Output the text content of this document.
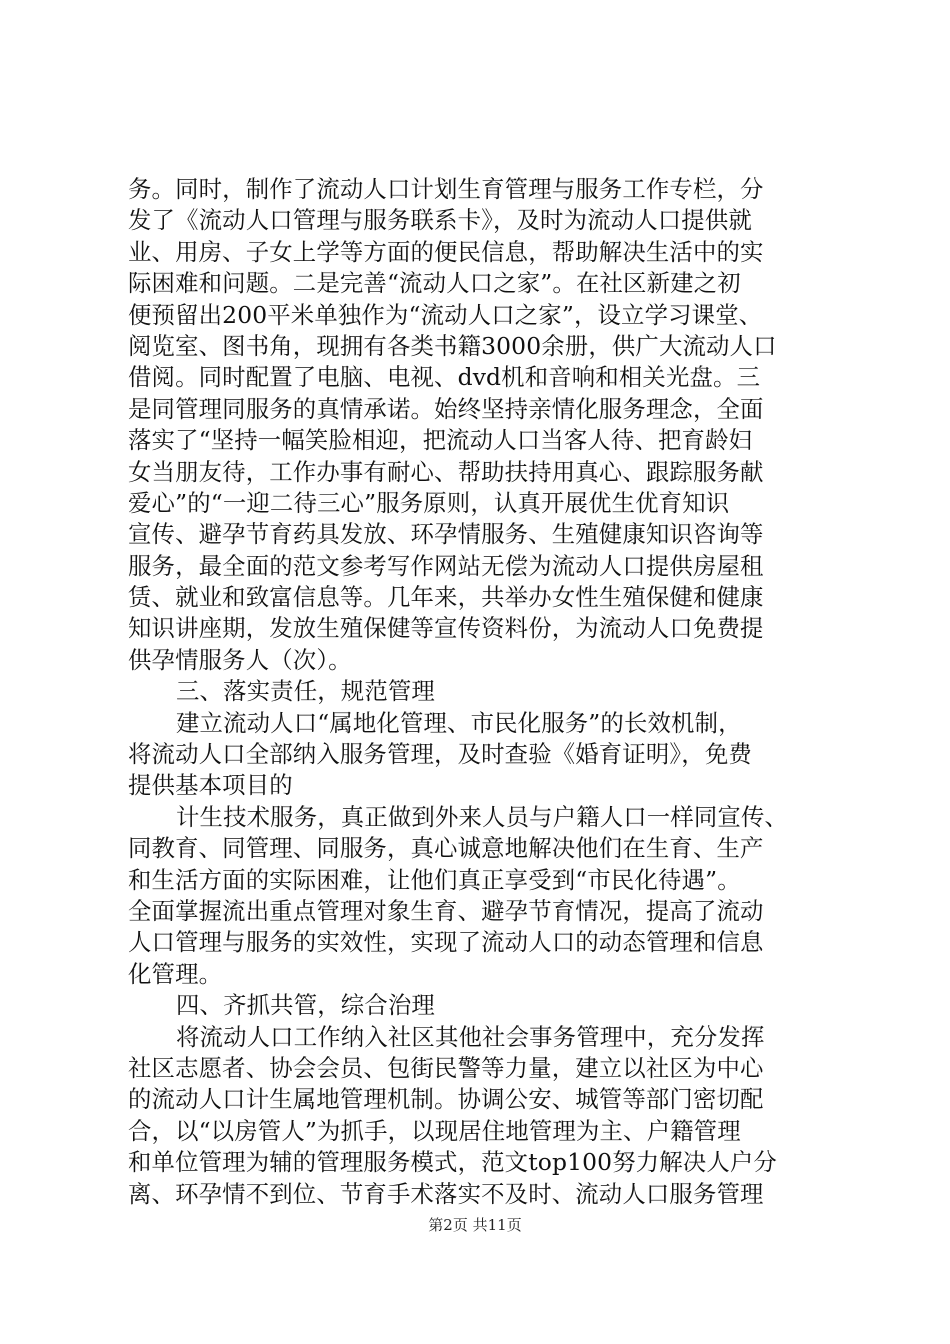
务。同时，制作了流动人口计划生育管理与服务工作专栏，分
发了《流动人口管理与服务联系卡》，及时为流动人口提供就
业、用房、子女上学等方面的便民信息，帮助解决生活中的实
际困难和问题。二是完善“流动人口之家”。在社区新建之初
便预留出200平米单独作为“流动人口之家”，设立学习课堂、
阅览室、图书角，现拥有各类书籍3000余册，供广大流动人口
借阅。同时配置了电脑、电视、dvd机和音响和相关光盘。三
是同管理同服务的真情承诺。始终坚持亲情化服务理念，全面
落实了“坚持一幅笑脸相迎，把流动人口当客人待、把育龄妇
女当朋友待，工作办事有耐心、帮助扶持用真心、跟踪服务献
爱心”的“一迎二待三心”服务原则，认真开展优生优育知识
宣传、避孕节育药具发放、环孕情服务、生殖健康知识咨询等
服务，最全面的范文参考写作网站无偿为流动人口提供房屋租
赁、就业和致富信息等。几年来，共举办女性生殖保健和健康
知识讲座期，发放生殖保健等宣传资料份，为流动人口免费提
供孕情服务人（次）。
三、落实责任，规范管理
建立流动人口“属地化管理、市民化服务”的长效机制，
将流动人口全部纳入服务管理，及时查验《婚育证明》，免费
提供基本项目的
计生技术服务，真正做到外来人员与户籍人口一样同宣传、
同教育、同管理、同服务，真心诚意地解决他们在生育、生产
和生活方面的实际困难，让他们真正享受到“市民化待遇”。
全面掌握流出重点管理对象生育、避孕节育情况，提高了流动
人口管理与服务的实效性，实现了流动人口的动态管理和信息
化管理。
四、齐抓共管，综合治理
将流动人口工作纳入社区其他社会事务管理中，充分发挥
社区志愿者、协会会员、包街民警等力量，建立以社区为中心
的流动人口计生属地管理机制。协调公安、城管等部门密切配
合，以“以房管人”为抓手，以现居住地管理为主、户籍管理
和单位管理为辅的管理服务模式，范文top100努力解决人户分
离、环孕情不到位、节育手术落实不及时、流动人口服务管理
第2页 共11页
